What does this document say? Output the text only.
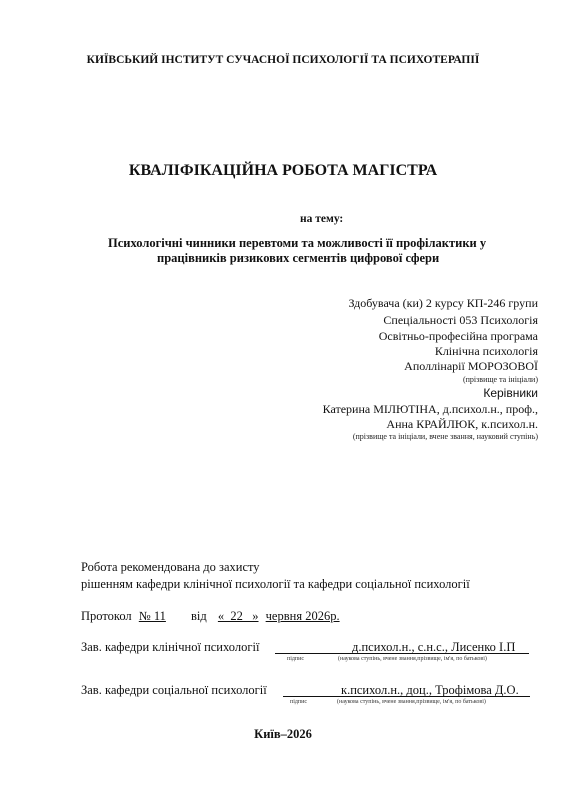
КИЇВСЬКИЙ ІНСТИТУТ СУЧАСНОЇ ПСИХОЛОГІЇ ТА ПСИХОТЕРАПІЇ
КВАЛІФІКАЦІЙНА РОБОТА МАГІСТРА
на тему:
Психологічні чинники перевтоми та можливості її профілактики у
працівників ризикових сегментів цифрової сфери
Здобувача (ки) 2 курсу КП-246 групи
Спеціальності 053 Психологія
Освітньо-професійна програма
Клінічна психологія
Аполлінарії МОРОЗОВОЇ
(прізвище та ініціали)
Керівники
Катерина МІЛЮТІНА, д.психол.н., проф.,
Анна КРАЙЛЮК, к.психол.н.
(прізвище та ініціали, вчене звання, науковий ступінь)
Робота рекомендована до захисту
рішенням кафедри клінічної психології та кафедри соціальної психології
Протокол № 11 від «  22   » червня 2026р.
Зав. кафедри клінічної психології	д.психол.н., с.н.с., Лисенко І.П
підпис	(наукова ступінь, вчене звання,прізвище, ім'я, по батькові)
Зав. кафедри соціальної психології	к.психол.н., доц., Трофімова Д.О.
підпис	(наукова ступінь, вчене звання,прізвище, ім'я, по батькові)
Київ–2026
